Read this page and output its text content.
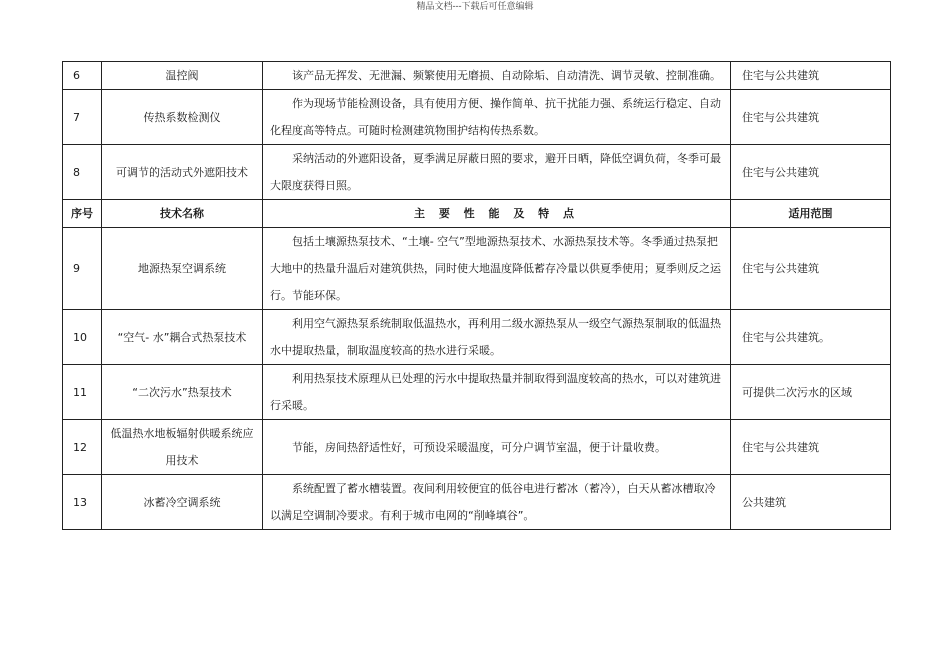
精品文档---下载后可任意编辑
6	温控阀	该产品无挥发、无泄漏、频繁使用无磨损、自动除垢、自动清洗、调节灵敏、控制准确。	住宅与公共建筑
7	传热系数检测仪	作为现场节能检测设备，具有使用方便、操作简单、抗干扰能力强、系统运行稳定、自动化程度高等特点。可随时检测建筑物围护结构传热系数。	住宅与公共建筑
8	可调节的活动式外遮阳技术	采纳活动的外遮阳设备，夏季满足屏蔽日照的要求，避开日晒，降低空调负荷，冬季可最大限度获得日照。	住宅与公共建筑
序号	技术名称	主 要 性 能 及 特 点	适用范围
9	地源热泵空调系统	包括土壤源热泵技术、“土壤- 空气”型地源热泵技术、水源热泵技术等。冬季通过热泵把大地中的热量升温后对建筑供热，同时使大地温度降低蓄存冷量以供夏季使用；夏季则反之运行。节能环保。	住宅与公共建筑
10	“空气- 水”耦合式热泵技术	利用空气源热泵系统制取低温热水，再利用二级水源热泵从一级空气源热泵制取的低温热水中提取热量，制取温度较高的热水进行采暖。	住宅与公共建筑。
11	“二次污水”热泵技术	利用热泵技术原理从已处理的污水中提取热量并制取得到温度较高的热水，可以对建筑进行采暖。	可提供二次污水的区域
12	低温热水地板辐射供暖系统应用技术	节能，房间热舒适性好，可预设采暖温度，可分户调节室温，便于计量收费。	住宅与公共建筑
13	冰蓄冷空调系统	系统配置了蓄水槽装置。夜间利用较便宜的低谷电进行蓄冰（蓄冷），白天从蓄冰槽取冷以满足空调制冷要求。有利于城市电网的“削峰填谷”。	公共建筑
